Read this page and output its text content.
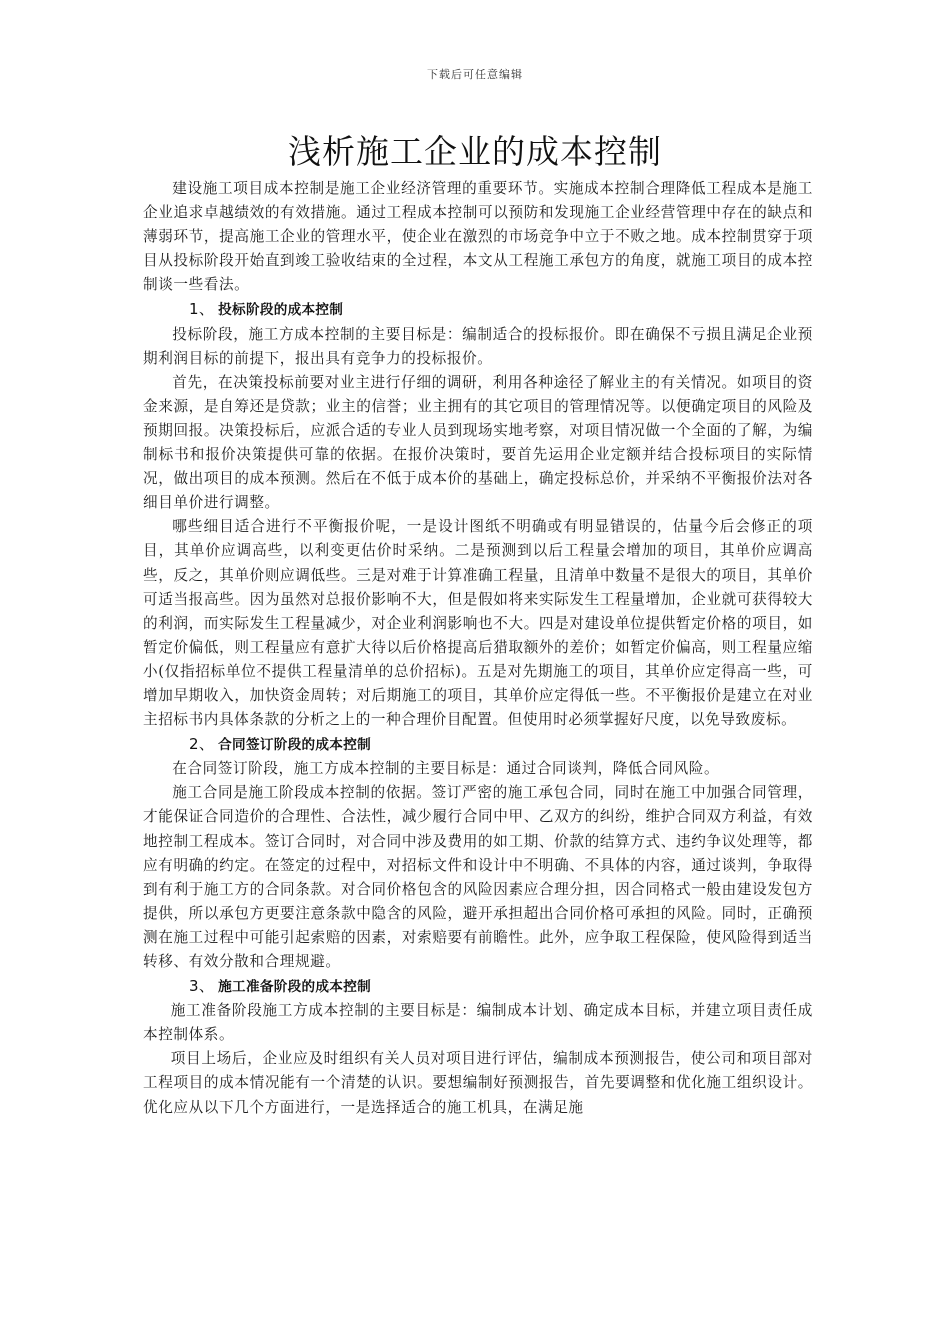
下载后可任意编辑
浅析施工企业的成本控制

建设施工项目成本控制是施工企业经济管理的重要环节。实施成本控制合理降低工程成本是施工企业追求卓越绩效的有效措施。通过工程成本控制可以预防和发现施工企业经营管理中存在的缺点和薄弱环节，提高施工企业的管理水平，使企业在激烈的市场竞争中立于不败之地。成本控制贯穿于项目从投标阶段开始直到竣工验收结束的全过程，本文从工程施工承包方的角度，就施工项目的成本控制谈一些看法。

1、 投标阶段的成本控制

投标阶段，施工方成本控制的主要目标是：编制适合的投标报价。即在确保不亏损且满足企业预期利润目标的前提下，报出具有竞争力的投标报价。

首先，在决策投标前要对业主进行仔细的调研，利用各种途径了解业主的有关情况。如项目的资金来源，是自筹还是贷款；业主的信誉；业主拥有的其它项目的管理情况等。以便确定项目的风险及预期回报。决策投标后，应派合适的专业人员到现场实地考察，对项目情况做一个全面的了解，为编制标书和报价决策提供可靠的依据。在报价决策时，要首先运用企业定额并结合投标项目的实际情况，做出项目的成本预测。然后在不低于成本价的基础上，确定投标总价，并采纳不平衡报价法对各细目单价进行调整。

哪些细目适合进行不平衡报价呢，一是设计图纸不明确或有明显错误的，估量今后会修正的项目，其单价应调高些，以利变更估价时采纳。二是预测到以后工程量会增加的项目，其单价应调高些，反之，其单价则应调低些。三是对难于计算准确工程量，且清单中数量不是很大的项目，其单价可适当报高些。因为虽然对总报价影响不大，但是假如将来实际发生工程量增加，企业就可获得较大的利润，而实际发生工程量减少，对企业利润影响也不大。四是对建设单位提供暂定价格的项目，如暂定价偏低，则工程量应有意扩大待以后价格提高后猎取额外的差价；如暂定价偏高，则工程量应缩小(仅指招标单位不提供工程量清单的总价招标)。五是对先期施工的项目，其单价应定得高一些，可增加早期收入，加快资金周转；对后期施工的项目，其单价应定得低一些。不平衡报价是建立在对业主招标书内具体条款的分析之上的一种合理价目配置。但使用时必须掌握好尺度，以免导致废标。

2、 合同签订阶段的成本控制

在合同签订阶段，施工方成本控制的主要目标是：通过合同谈判，降低合同风险。

施工合同是施工阶段成本控制的依据。签订严密的施工承包合同，同时在施工中加强合同管理，才能保证合同造价的合理性、合法性，减少履行合同中甲、乙双方的纠纷，维护合同双方利益，有效地控制工程成本。签订合同时，对合同中涉及费用的如工期、价款的结算方式、违约争议处理等，都应有明确的约定。在签定的过程中，对招标文件和设计中不明确、不具体的内容，通过谈判，争取得到有利于施工方的合同条款。对合同价格包含的风险因素应合理分担，因合同格式一般由建设发包方提供，所以承包方更要注意条款中隐含的风险，避开承担超出合同价格可承担的风险。同时，正确预测在施工过程中可能引起索赔的因素，对索赔要有前瞻性。此外，应争取工程保险，使风险得到适当转移、有效分散和合理规避。

3、 施工准备阶段的成本控制

施工准备阶段施工方成本控制的主要目标是：编制成本计划、确定成本目标，并建立项目责任成本控制体系。

项目上场后，企业应及时组织有关人员对项目进行评估，编制成本预测报告，使公司和项目部对工程项目的成本情况能有一个清楚的认识。要想编制好预测报告，首先要调整和优化施工组织设计。优化应从以下几个方面进行，一是选择适合的施工机具，在满足施
